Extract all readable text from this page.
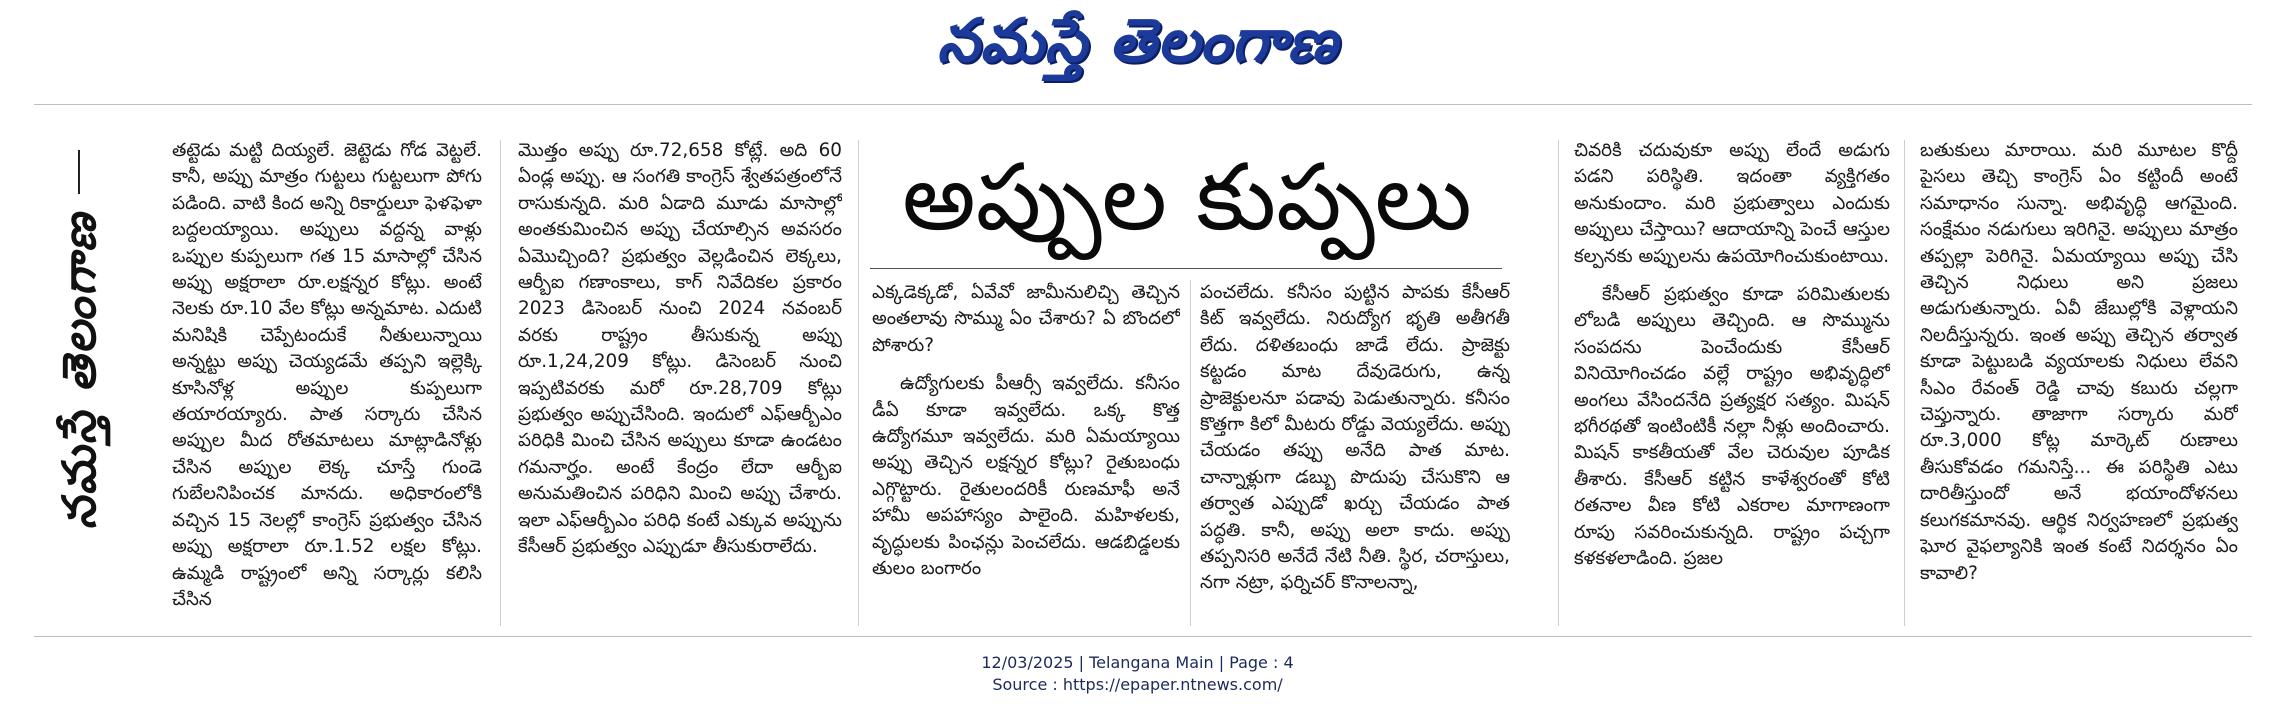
నమస్తే తెలంగాణ
నమస్తే తెలంగాణ

తట్టెడు మట్టి దియ్యలే. జెట్టెడు గోడ వెట్టలే. కానీ, అప్పు మాత్రం గుట్టలు గుట్టలుగా పోగు పడింది. వాటి కింద అన్ని రికార్డులూ ఫెళఫెళా బద్దలయ్యాయి. అప్పులు వద్దన్న వాళ్లు ఒప్పుల కుప్పలుగా గత 15 మాసాల్లో చేసిన అప్పు అక్షరాలా రూ.లక్షన్నర కోట్లు. అంటే నెలకు రూ.10 వేల కోట్లు అన్నమాట. ఎదుటి మనిషికి చెప్పేటందుకే నీతులున్నాయి అన్నట్టు అప్పు చెయ్యడమే తప్పని ఇల్లెక్కి కూసినోళ్ల అప్పుల కుప్పలుగా తయారయ్యారు. పాత సర్కారు చేసిన అప్పుల మీద రోతమాటలు మాట్లాడినోళ్లు చేసిన అప్పుల లెక్క చూస్తే గుండె గుబేలనిపించక మానదు. అధికారంలోకి వచ్చిన 15 నెలల్లో కాంగ్రెస్ ప్రభుత్వం చేసిన అప్పు అక్షరాలా రూ.1.52 లక్షల కోట్లు. ఉమ్మడి రాష్ట్రంలో అన్ని సర్కార్లు కలిసి చేసిన

మొత్తం అప్పు రూ.72,658 కోట్లే. అది 60 ఏండ్ల అప్పు. ఆ సంగతి కాంగ్రెస్ శ్వేతపత్రంలోనే రాసుకున్నది. మరి ఏడాది మూడు మాసాల్లో అంతకుమించిన అప్పు చేయాల్సిన అవసరం ఏమొచ్చింది? ప్రభుత్వం వెల్లడించిన లెక్కలు, ఆర్బీఐ గణాంకాలు, కాగ్ నివేదికల ప్రకారం 2023 డిసెంబర్ నుంచి 2024 నవంబర్ వరకు రాష్ట్రం తీసుకున్న అప్పు రూ.1,24,209 కోట్లు. డిసెంబర్ నుంచి ఇప్పటివరకు మరో రూ.28,709 కోట్లు ప్రభుత్వం అప్పుచేసింది. ఇందులో ఎఫ్ఆర్బీఎం పరిధికి మించి చేసిన అప్పులు కూడా ఉండటం గమనార్హం. అంటే కేంద్రం లేదా ఆర్బీఐ అనుమతించిన పరిధిని మించి అప్పు చేశారు. ఇలా ఎఫ్ఆర్బీఎం పరిధి కంటే ఎక్కువ అప్పును కేసీఆర్ ప్రభుత్వం ఎప్పుడూ తీసుకురాలేదు.

అప్పుల కుప్పలు

ఎక్కడెక్కడో, ఏవేవో జామీనులిచ్చి తెచ్చిన అంతలావు సొమ్ము ఏం చేశారు? ఏ బొందలో పోశారు?

ఉద్యోగులకు పీఆర్సీ ఇవ్వలేదు. కనీసం డీఏ కూడా ఇవ్వలేదు. ఒక్క కొత్త ఉద్యోగమూ ఇవ్వలేదు. మరి ఏమయ్యాయి అప్పు తెచ్చిన లక్షన్నర కోట్లు? రైతుబంధు ఎగ్గొట్టారు. రైతులందరికీ రుణమాఫీ అనే హామీ అపహాస్యం పాలైంది. మహిళలకు, వృద్ధులకు పింఛన్లు పెంచలేదు. ఆడబిడ్డలకు తులం బంగారం

పంచలేదు. కనీసం పుట్టిన పాపకు కేసీఆర్ కిట్ ఇవ్వలేదు. నిరుద్యోగ భృతి అతీగతీ లేదు. దళితబంధు జాడే లేదు. ప్రాజెక్టు కట్టడం మాట దేవుడెరుగు, ఉన్న ప్రాజెక్టులనూ పడావు పెడుతున్నారు. కనీసం కొత్తగా కిలో మీటరు రోడ్డు వెయ్యలేదు. అప్పు చేయడం తప్పు అనేది పాత మాట. చాన్నాళ్లుగా డబ్బు పొదుపు చేసుకొని ఆ తర్వాత ఎప్పుడో ఖర్చు చేయడం పాత పద్ధతి. కానీ, అప్పు అలా కాదు. అప్పు తప్పనిసరి అనేదే నేటి నీతి. స్థిర, చరాస్తులు, నగా నట్రా, ఫర్నిచర్ కొనాలన్నా,

చివరికి చదువుకూ అప్పు లేందే అడుగు పడని పరిస్థితి. ఇదంతా వ్యక్తిగతం అనుకుందాం. మరి ప్రభుత్వాలు ఎందుకు అప్పులు చేస్తాయి? ఆదాయాన్ని పెంచే ఆస్తుల కల్పనకు అప్పులను ఉపయోగించుకుంటాయి.

కేసీఆర్ ప్రభుత్వం కూడా పరిమితులకు లోబడి అప్పులు తెచ్చింది. ఆ సొమ్మును సంపదను పెంచేందుకు కేసీఆర్ వినియోగించడం వల్లే రాష్ట్రం అభివృద్ధిలో అంగలు వేసిందనేది ప్రత్యక్షర సత్యం. మిషన్ భగీరథతో ఇంటింటికీ నల్లా నీళ్లు అందించారు. మిషన్ కాకతీయతో వేల చెరువుల పూడిక తీశారు. కేసీఆర్ కట్టిన కాళేశ్వరంతో కోటి రతనాల వీణ కోటి ఎకరాల మాగాణంగా రూపు సవరించుకున్నది. రాష్ట్రం పచ్చగా కళకళలాడింది. ప్రజల

బతుకులు మారాయి. మరి మూటల కొద్దీ పైసలు తెచ్చి కాంగ్రెస్ ఏం కట్టిందీ అంటే సమాధానం సున్నా. అభివృద్ధి ఆగమైంది. సంక్షేమం నడుగులు ఇరిగినై. అప్పులు మాత్రం తప్పల్లా పెరిగినై. ఏమయ్యాయి అప్పు చేసి తెచ్చిన నిధులు అని ప్రజలు అడుగుతున్నారు. ఏవీ జేబుల్లోకి వెళ్లాయని నిలదీస్తున్నరు. ఇంత అప్పు తెచ్చిన తర్వాత కూడా పెట్టుబడి వ్యయాలకు నిధులు లేవని సీఎం రేవంత్ రెడ్డి చావు కబురు చల్లగా చెప్తున్నారు. తాజాగా సర్కారు మరో రూ.3,000 కోట్ల మార్కెట్ రుణాలు తీసుకోవడం గమనిస్తే... ఈ పరిస్థితి ఎటు దారితీస్తుందో అనే భయాందోళనలు కలుగకమానవు. ఆర్థిక నిర్వహణలో ప్రభుత్వ ఘోర వైఫల్యానికి ఇంత కంటే నిదర్శనం ఏం కావాలి?

12/03/2025 | Telangana Main | Page : 4
Source : https://epaper.ntnews.com/
